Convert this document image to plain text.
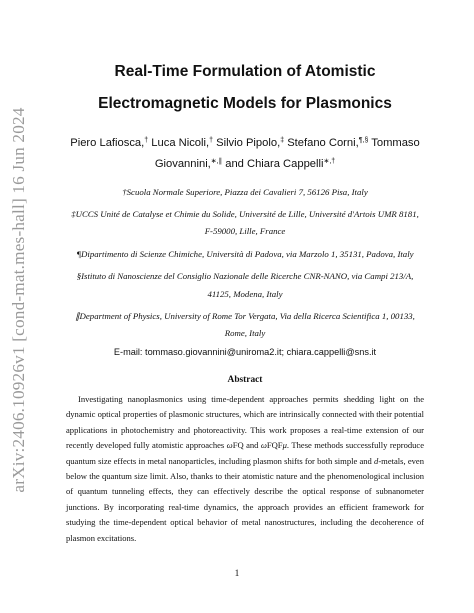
arXiv:2406.10926v1 [cond-mat.mes-hall] 16 Jun 2024
Real-Time Formulation of Atomistic
Electromagnetic Models for Plasmonics
Piero Lafiosca,† Luca Nicoli,† Silvio Pipolo,‡ Stefano Corni,¶,§ Tommaso
Giovannini,∗,∥ and Chiara Cappelli∗,†
†Scuola Normale Superiore, Piazza dei Cavalieri 7, 56126 Pisa, Italy
‡UCCS Unité de Catalyse et Chimie du Solide, Université de Lille, Université d'Artois UMR 8181,
F-59000, Lille, France
¶Dipartimento di Scienze Chimiche, Università di Padova, via Marzolo 1, 35131, Padova, Italy
§Istituto di Nanoscienze del Consiglio Nazionale delle Ricerche CNR-NANO, via Campi 213/A,
41125, Modena, Italy
∥Department of Physics, University of Rome Tor Vergata, Via della Ricerca Scientifica 1, 00133,
Rome, Italy
E-mail: tommaso.giovannini@uniroma2.it; chiara.cappelli@sns.it
Abstract

Investigating nanoplasmonics using time-dependent approaches permits shedding light on the dynamic optical properties of plasmonic structures, which are intrinsically connected with their potential applications in photochemistry and photoreactivity. This work proposes a real-time extension of our recently developed fully atomistic approaches ωFQ and ωFQFμ. These methods successfully reproduce quantum size effects in metal nanoparticles, including plasmon shifts for both simple and d-metals, even below the quantum size limit. Also, thanks to their atomistic nature and the phenomenological inclusion of quantum tunneling effects, they can effectively describe the optical response of subnanometer junctions. By incorporating real-time dynamics, the approach provides an efficient framework for studying the time-dependent optical behavior of metal nanostructures, including the decoherence of plasmon excitations.

1
